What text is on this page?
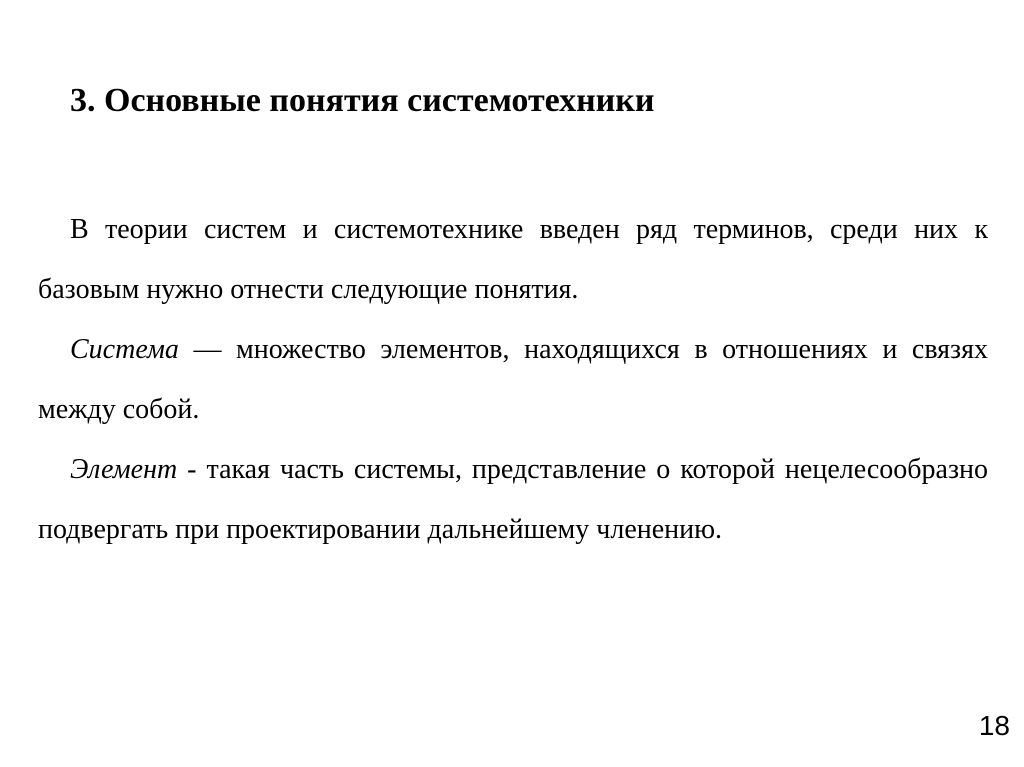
3. Основные понятия системотехники

В теории систем и системотехнике введен ряд терминов, среди них к базовым нужно отнести следующие понятия.

Система — множество элементов, находящихся в отношениях и связях между собой.

Элемент - такая часть системы, представление о которой нецелесообразно подвергать при проектировании дальнейшему членению.

18
